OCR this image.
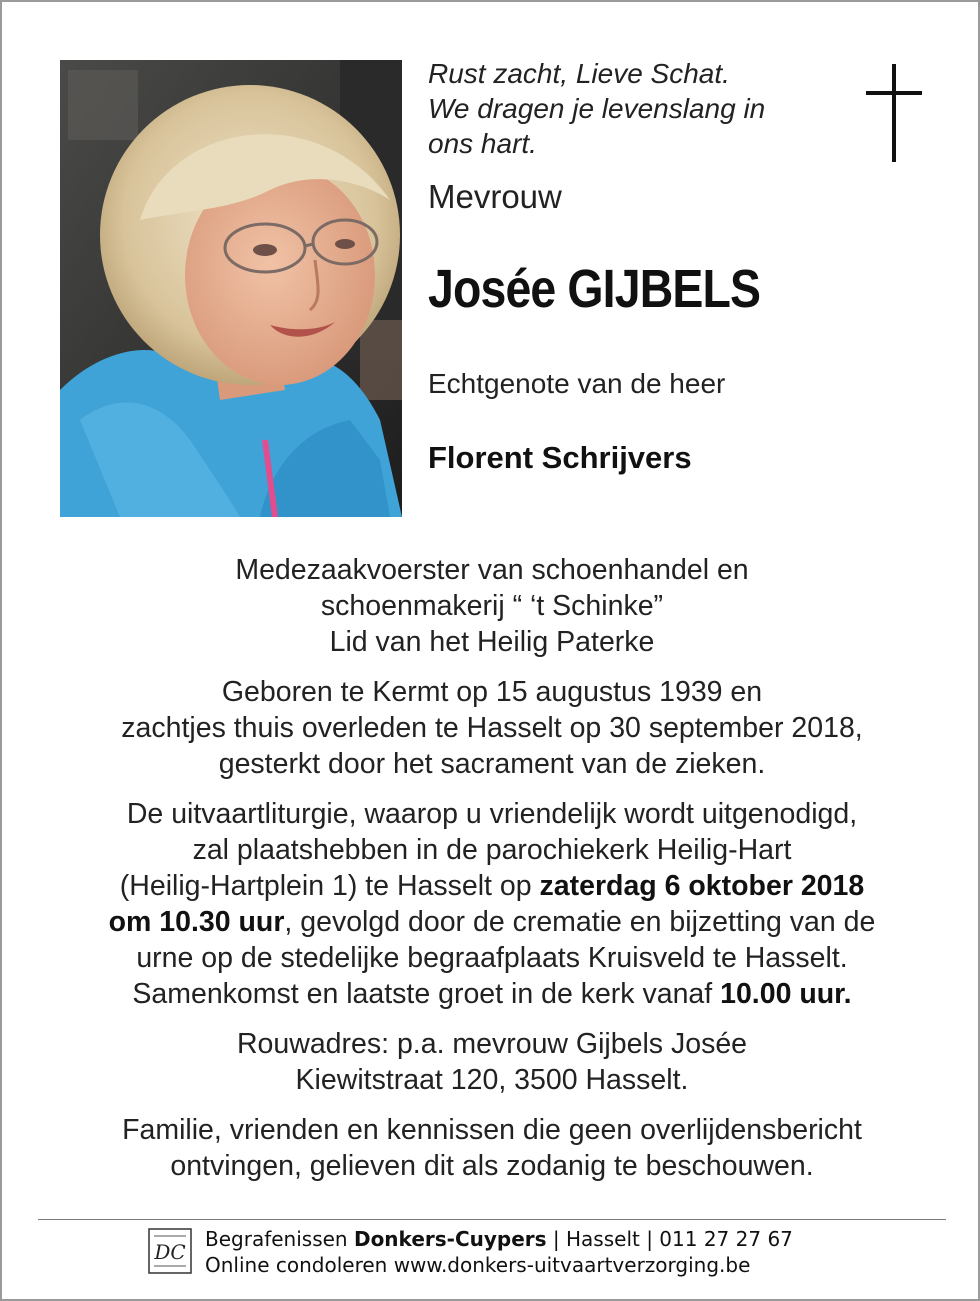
Rust zacht, Lieve Schat.
We dragen je levenslang in
ons hart.
Mevrouw
Josée GIJBELS
Echtgenote van de heer
Florent Schrijvers
Medezaakvoerster van schoenhandel en
schoenmakerij “ ‘t Schinke”
Lid van het Heilig Paterke
Geboren te Kermt op 15 augustus 1939 en
zachtjes thuis overleden te Hasselt op 30 september 2018,
gesterkt door het sacrament van de zieken.
De uitvaartliturgie, waarop u vriendelijk wordt uitgenodigd,
zal plaatshebben in de parochiekerk Heilig-Hart
(Heilig-Hartplein 1) te Hasselt op zaterdag 6 oktober 2018
om 10.30 uur, gevolgd door de crematie en bijzetting van de
urne op de stedelijke begraafplaats Kruisveld te Hasselt.
Samenkomst en laatste groet in de kerk vanaf 10.00 uur.
Rouwadres: p.a. mevrouw Gijbels Josée
Kiewitstraat 120, 3500 Hasselt.
Familie, vrienden en kennissen die geen overlijdensbericht
ontvingen, gelieven dit als zodanig te beschouwen.
DC
Begrafenissen Donkers-Cuypers | Hasselt | 011 27 27 67
Online condoleren www.donkers-uitvaartverzorging.be
